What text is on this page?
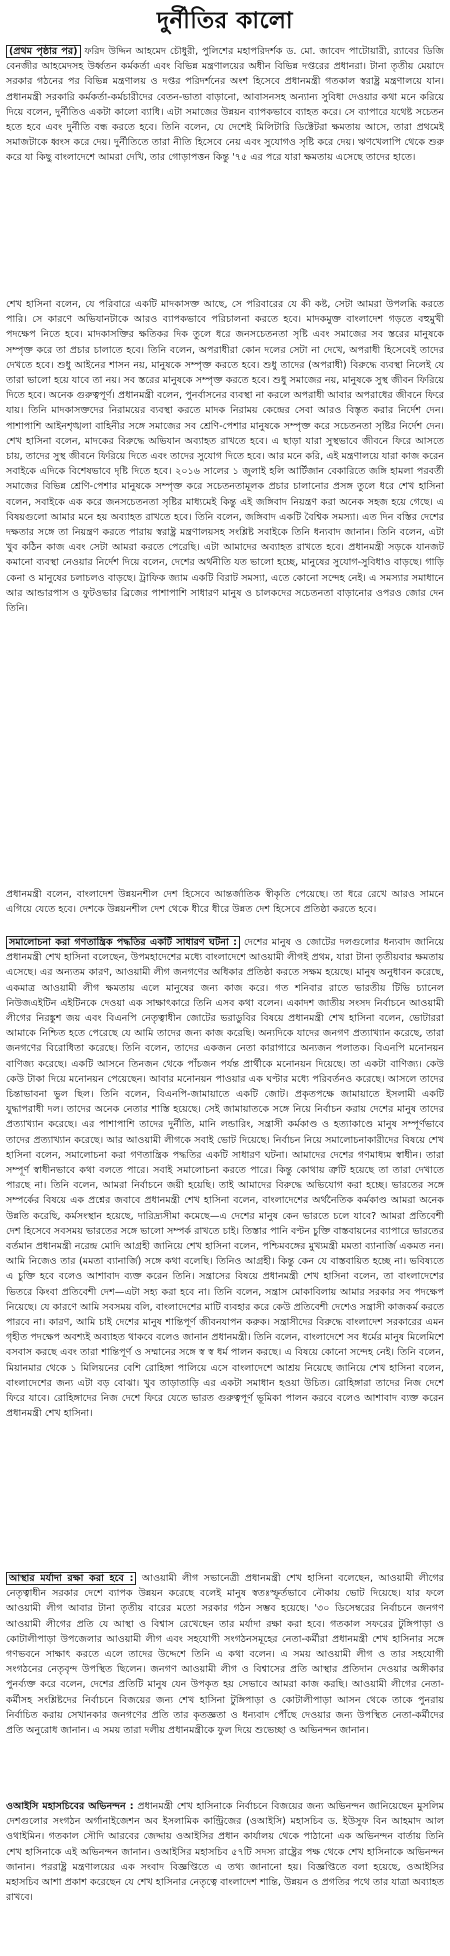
দুর্নীতির কালো

(প্রথম পৃষ্ঠার পর) ফরিদ উদ্দিন আহমেদ চৌধুরী, পুলিশের মহাপরিদর্শক ড. মো. জাবেদ পাটোয়ারী, র‍্যাবের ডিজি বেনজীর আহমেদসহ উর্ধ্বতন কর্মকর্তা এবং বিভিন্ন মন্ত্রণালয়ের অধীন বিভিন্ন দপ্তরের প্রধানরা। টানা তৃতীয় মেয়াদে সরকার গঠনের পর বিভিন্ন মন্ত্রণালয় ও দপ্তর পরিদর্শনের অংশ হিসেবে প্রধানমন্ত্রী গতকাল স্বরাষ্ট্র মন্ত্রণালয়ে যান। প্রধানমন্ত্রী সরকারি কর্মকর্তা-কর্মচারীদের বেতন-ভাতা বাড়ানো, আবাসনসহ অন্যান্য সুবিধা দেওয়ার কথা মনে করিয়ে দিয়ে বলেন, দুর্নীতিও একটা কালো ব্যাধি। এটা সমাজের উন্নয়ন ব্যাপকভাবে ব্যাহত করে। সে ব্যাপারে যথেষ্ট সচেতন হতে হবে এবং দুর্নীতি বন্ধ করতে হবে। তিনি বলেন, যে দেশেই মিলিটারি ডিক্টেটরা ক্ষমতায় আসে, তারা প্রথমেই সমাজটাকে ধ্বংস করে দেয়। দুর্নীতিতে তারা নীতি হিসেবে নেয় এবং সুযোগও সৃষ্টি করে দেয়। ঋণখেলাপি থেকে শুরু করে যা কিছু বাংলাদেশে আমরা দেখি, তার গোড়াপত্তন কিন্তু '৭৫ এর পরে যারা ক্ষমতায় এসেছে তাদের হাতে।

শেখ হাসিনা বলেন, যে পরিবারে একটি মাদকাসক্ত আছে, সে পরিবারের যে কী কষ্ট, সেটা আমরা উপলব্ধি করতে পারি। সে কারণে অভিযানটাকে আরও ব্যাপকভাবে পরিচালনা করতে হবে। মাদকমুক্ত বাংলাদেশ গড়তে বহুমুখী পদক্ষেপ নিতে হবে। মাদকাসক্তির ক্ষতিকর দিক তুলে ধরে জনসচেতনতা সৃষ্টি এবং সমাজের সব স্তরের মানুষকে সম্পৃক্ত করে তা প্রচার চালাতে হবে। তিনি বলেন, অপরাধীরা কোন দলের সেটা না দেখে, অপরাধী হিসেবেই তাদের দেখতে হবে। শুধু আইনের শাসন নয়, মানুষকে সম্পৃক্ত করতে হবে। শুধু তাদের (অপরাধী) বিরুদ্ধে ব্যবস্থা নিলেই যে তারা ভালো হয়ে যাবে তা নয়। সব স্তরের মানুষকে সম্পৃক্ত করতে হবে। শুধু সমাজের নয়, মানুষকে সুস্থ জীবন ফিরিয়ে দিতে হবে। অনেক গুরুত্বপূর্ণ। প্রধানমন্ত্রী বলেন, পুনর্বাসনের ব্যবস্থা না করলে অপরাধী আবার অপরাধের জীবনে ফিরে যায়। তিনি মাদকাসক্তদের নিরাময়ের ব্যবস্থা করতে মাদক নিরাময় কেন্দ্রের সেবা আরও বিস্তৃত করার নির্দেশ দেন। পাশাপাশি আইনশৃঙ্খলা বাহিনীর সঙ্গে সমাজের সব শ্রেণি-পেশার মানুষকে সম্পৃক্ত করে সচেতনতা সৃষ্টির নির্দেশ দেন। শেখ হাসিনা বলেন, মাদকের বিরুদ্ধে অভিযান অব্যাহত রাখতে হবে। এ ছাড়া যারা সুস্থভাবে জীবনে ফিরে আসতে চায়, তাদের সুস্থ জীবনে ফিরিয়ে দিতে এবং তাদের সুযোগ দিতে হবে। আর মনে করি, এই মন্ত্রণালয়ে যারা কাজ করেন সবাইকে এদিকে বিশেষভাবে দৃষ্টি দিতে হবে। ২০১৬ সালের ১ জুলাই হলি আর্টিজান বেকারিতে জঙ্গি হামলা পরবর্তী সমাজের বিভিন্ন শ্রেণি-পেশার মানুষকে সম্পৃক্ত করে সচেতনতামূলক প্রচার চালানোর প্রসঙ্গ তুলে ধরে শেখ হাসিনা বলেন, সবাইকে এক করে জনসচেতনতা সৃষ্টির মাধ্যমেই কিন্তু এই জঙ্গিবাদ নিয়ন্ত্রণ করা অনেক সহজ হয়ে গেছে। এ বিষয়গুলো আমার মনে হয় অব্যাহত রাখতে হবে। তিনি বলেন, জঙ্গিবাদ একটি বৈশ্বিক সমস্যা। এত দিন বস্তির দেশের দক্ষতার সঙ্গে তা নিয়ন্ত্রণ করতে পারায় স্বরাষ্ট্র মন্ত্রণালয়সহ সংশ্লিষ্ট সবাইকে তিনি ধন্যবাদ জানান। তিনি বলেন, এটা খুব কঠিন কাজ এবং সেটা আমরা করতে পেরেছি। এটা আমাদের অব্যাহত রাখতে হবে। প্রধানমন্ত্রী সড়কে যানজট কমানো ব্যবস্থা নেওয়ার নির্দেশ দিয়ে বলেন, দেশের অর্থনীতি যত ভালো হচ্ছে, মানুষের সুযোগ-সুবিধাও বাড়ছে। গাড়ি কেনা ও মানুষের চলাচলও বাড়ছে। ট্রাফিক জ্যাম একটি বিরাট সমস্যা, এতে কোনো সন্দেহ নেই। এ সমস্যার সমাধানে আর আন্ডারপাস ও ফুটওভার ব্রিজের পাশাপাশি সাধারণ মানুষ ও চালকদের সচেতনতা বাড়ানোর ওপরও জোর দেন তিনি।

প্রধানমন্ত্রী বলেন, বাংলাদেশ উন্নয়নশীল দেশ হিসেবে আন্তর্জাতিক স্বীকৃতি পেয়েছে। তা ধরে রেখে আরও সামনে এগিয়ে যেতে হবে। দেশকে উন্নয়নশীল দেশ থেকে ধীরে ধীরে উন্নত দেশ হিসেবে প্রতিষ্ঠা করতে হবে।

সমালোচনা করা গণতান্ত্রিক পদ্ধতির একটি সাধারণ ঘটনা : দেশের মানুষ ও জোটের দলগুলোর ধন্যবাদ জানিয়ে প্রধানমন্ত্রী শেখ হাসিনা বলেছেন, উপমহাদেশের মধ্যে বাংলাদেশে আওয়ামী লীগই প্রথম, যারা টানা তৃতীয়বার ক্ষমতায় এসেছে। এর অন্যতম কারণ, আওয়ামী লীগ জনগণের অধিকার প্রতিষ্ঠা করতে সক্ষম হয়েছে। মানুষ অনুধাবন করেছে, একমাত্র আওয়ামী লীগ ক্ষমতায় এলে মানুষের জন্য কাজ করে। গত শনিবার রাতে ভারতীয় টিভি চ্যানেল নিউজএইটিন এইটিনকে দেওয়া এক সাক্ষাৎকারে তিনি এসব কথা বলেন। একাদশ জাতীয় সংসদ নির্বাচনে আওয়ামী লীগের নিরঙ্কুশ জয় এবং বিএনপি নেতৃত্বাধীন জোটের ভরাডুবির বিষয়ে প্রধানমন্ত্রী শেখ হাসিনা বলেন, ভোটাররা আমাকে নিশ্চিত হতে পেরেছে যে আমি তাদের জন্য কাজ করেছি। অন্যদিকে যাদের জনগণ প্রত্যাখ্যান করেছে, তারা জনগণের বিরোধিতা করেছে। তিনি বলেন, তাদের একজন নেতা কারাগারে অন্যজন পলাতক। বিএনপি মনোনয়ন বাণিজ্য করেছে। একটি আসনে তিনজন থেকে পাঁচজন পর্যন্ত প্রার্থীকে মনোনয়ন দিয়েছে। তা একটা বাণিজ্য। কেউ কেউ টাকা দিয়ে মনোনয়ন পেয়েছেন। আবার মনোনয়ন পাওয়ার এক ঘণ্টার মধ্যে পরিবর্তনও করেছে। আসলে তাদের চিন্তাভাবনা ভুল ছিল। তিনি বলেন, বিএনপি-জামায়াতে একটি জোট। প্রকৃতপক্ষে জামায়াতে ইসলামী একটি যুদ্ধাপরাধী দল। তাদের অনেক নেতার শাস্তি হয়েছে। সেই জামায়াতকে সঙ্গে নিয়ে নির্বাচন করায় দেশের মানুষ তাদের প্রত্যাখ্যান করেছে। এর পাশাপাশি তাদের দুর্নীতি, মানি লন্ডারিং, সন্ত্রাসী কর্মকাণ্ড ও হত্যাকাণ্ডে মানুষ সম্পূর্ণভাবে তাদের প্রত্যাখ্যান করেছে। আর আওয়ামী লীগকে সবাই ভোট দিয়েছে। নির্বাচন নিয়ে সমালোচনাকারীদের বিষয়ে শেখ হাসিনা বলেন, সমালোচনা করা গণতান্ত্রিক পদ্ধতির একটি সাধারণ ঘটনা। আমাদের দেশের গণমাধ্যম স্বাধীন। তারা সম্পূর্ণ স্বাধীনভাবে কথা বলতে পারে। সবাই সমালোচনা করতে পারে। কিন্তু কোথায় ত্রুটি হয়েছে তা তারা দেখাতে পারছে না। তিনি বলেন, আমরা নির্বাচনে জয়ী হয়েছি। তাই আমাদের বিরুদ্ধে অভিযোগ করা হচ্ছে। ভারতের সঙ্গে সম্পর্কের বিষয়ে এক প্রশ্নের জবাবে প্রধানমন্ত্রী শেখ হাসিনা বলেন, বাংলাদেশের অর্থনৈতিক কর্মকাণ্ড আমরা অনেক উন্নতি করেছি, কর্মসংস্থান হয়েছে, দারিদ্র্যসীমা কমেছে—এ দেশের মানুষ কেন ভারতে চলে যাবে? আমরা প্রতিবেশী দেশ হিসেবে সবসময় ভারতের সঙ্গে ভালো সম্পর্ক রাখতে চাই। তিস্তার পানি বণ্টন চুক্তি বাস্তবায়নের ব্যাপারে ভারতের বর্তমান প্রধানমন্ত্রী নরেন্দ্র মোদি আগ্রহী জানিয়ে শেখ হাসিনা বলেন, পশ্চিমবঙ্গের মুখ্যমন্ত্রী মমতা ব্যানার্জি একমত নন। আমি নিজেও তার (মমতা ব্যানার্জি) সঙ্গে কথা বলেছি। তিনিও আগ্রহী। কিন্তু কেন যে বাস্তবায়িত হচ্ছে না। ভবিষ্যতে এ চুক্তি হবে বলেও আশাবাদ ব্যক্ত করেন তিনি। সন্ত্রাসের বিষয়ে প্রধানমন্ত্রী শেখ হাসিনা বলেন, তা বাংলাদেশের ভিতরে কিংবা প্রতিবেশী দেশ—এটা সহ্য করা হবে না। তিনি বলেন, সন্ত্রাস মোকাবিলায় আমার সরকার সব পদক্ষেপ নিয়েছে। যে কারণে আমি সবসময় বলি, বাংলাদেশের মাটি ব্যবহার করে কেউ প্রতিবেশী দেশেও সন্ত্রাসী কাজকর্ম করতে পারবে না। কারণ, আমি চাই দেশের মানুষ শান্তিপূর্ণ জীবনযাপন করুক। সন্ত্রাসীদের বিরুদ্ধে বাংলাদেশ সরকারের এমন গৃহীত পদক্ষেপ অবশ্যই অব্যাহত থাকবে বলেও জানান প্রধানমন্ত্রী। তিনি বলেন, বাংলাদেশে সব ধর্মের মানুষ মিলেমিশে বসবাস করছে এবং তারা শান্তিপূর্ণ ও সম্মানের সঙ্গে স্ব স্ব ধর্ম পালন করছে। এ বিষয়ে কোনো সন্দেহ নেই। তিনি বলেন, মিয়ানমার থেকে ১ মিলিয়নের বেশি রোহিঙ্গা পালিয়ে এসে বাংলাদেশে আশ্রয় নিয়েছে জানিয়ে শেখ হাসিনা বলেন, বাংলাদেশের জন্য এটা বড় বোঝা। খুব তাড়াতাড়ি এর একটা সমাধান হওয়া উচিত। রোহিঙ্গারা তাদের নিজ দেশে ফিরে যাবে। রোহিঙ্গাদের নিজ দেশে ফিরে যেতে ভারত গুরুত্বপূর্ণ ভূমিকা পালন করবে বলেও আশাবাদ ব্যক্ত করেন প্রধানমন্ত্রী শেখ হাসিনা।

আস্থার মর্যাদা রক্ষা করা হবে : আওয়ামী লীগ সভানেত্রী প্রধানমন্ত্রী শেখ হাসিনা বলেছেন, আওয়ামী লীগের নেতৃত্বাধীন সরকার দেশে ব্যাপক উন্নয়ন করেছে বলেই মানুষ স্বতঃস্ফূর্তভাবে নৌকায় ভোট দিয়েছে। যার ফলে আওয়ামী লীগ আবার টানা তৃতীয় বারের মতো সরকার গঠন সম্ভব হয়েছে। '৩০ ডিসেম্বরের নির্বাচনে জনগণ আওয়ামী লীগের প্রতি যে আস্থা ও বিশ্বাস রেখেছেন তার মর্যাদা রক্ষা করা হবে। গতকাল সফরের টুঙ্গিপাড়া ও কোটালীপাড়া উপজেলার আওয়ামী লীগ এবং সহযোগী সংগঠনসমূহের নেতা-কর্মীরা প্রধানমন্ত্রী শেখ হাসিনার সঙ্গে গণভবনে সাক্ষাৎ করতে এলে তাদের উদ্দেশে তিনি এ কথা বলেন। এ সময় আওয়ামী লীগ ও তার সহযোগী সংগঠনের নেতৃবৃন্দ উপস্থিত ছিলেন। জনগণ আওয়ামী লীগ ও বিশ্বাসের প্রতি আস্থার প্রতিদান দেওয়ার অঙ্গীকার পুনর্ব্যক্ত করে বলেন, দেশের প্রতিটি মানুষ যেন উপকৃত হয় সেভাবে আমরা কাজ করছি। আওয়ামী লীগের নেতা-কর্মীসহ সংশ্লিষ্টদের নির্বাচনে বিজয়ের জন্য শেখ হাসিনা টুঙ্গিপাড়া ও কোটালীপাড়া আসন থেকে তাকে পুনরায় নির্বাচিত করায় সেখানকার জনগণের প্রতি তার কৃতজ্ঞতা ও ধন্যবাদ পৌঁছে দেওয়ার জন্য উপস্থিত নেতা-কর্মীদের প্রতি অনুরোধ জানান। এ সময় তারা দলীয় প্রধানমন্ত্রীকে ফুল দিয়ে শুভেচ্ছা ও অভিনন্দন জানান।

ওআইসি মহাসচিবের অভিনন্দন : প্রধানমন্ত্রী শেখ হাসিনাকে নির্বাচনে বিজয়ের জন্য অভিনন্দন জানিয়েছেন মুসলিম দেশগুলোর সংগঠন অর্গানাইজেশন অব ইসলামিক কান্ট্রিজের (ওআইসি) মহাসচিব ড. ইউসুফ বিন আহমাদ আল ওথাইমিন। গতকাল সৌদি আরবের জেদ্দায় ওআইসির প্রধান কার্যালয় থেকে পাঠানো এক অভিনন্দন বার্তায় তিনি শেখ হাসিনাকে এই অভিনন্দন জানান। ওআইসির মহাসচিব ৫৭টি সদস্য রাষ্ট্রের পক্ষ থেকে শেখ হাসিনাকে অভিনন্দন জানান। পররাষ্ট্র মন্ত্রণালয়ের এক সংবাদ বিজ্ঞপ্তিতে এ তথ্য জানানো হয়। বিজ্ঞপ্তিতে বলা হয়েছে, ওআইসির মহাসচিব আশা প্রকাশ করেছেন যে শেখ হাসিনার নেতৃত্বে বাংলাদেশ শান্তি, উন্নয়ন ও প্রগতির পথে তার যাত্রা অব্যাহত রাখবে।
